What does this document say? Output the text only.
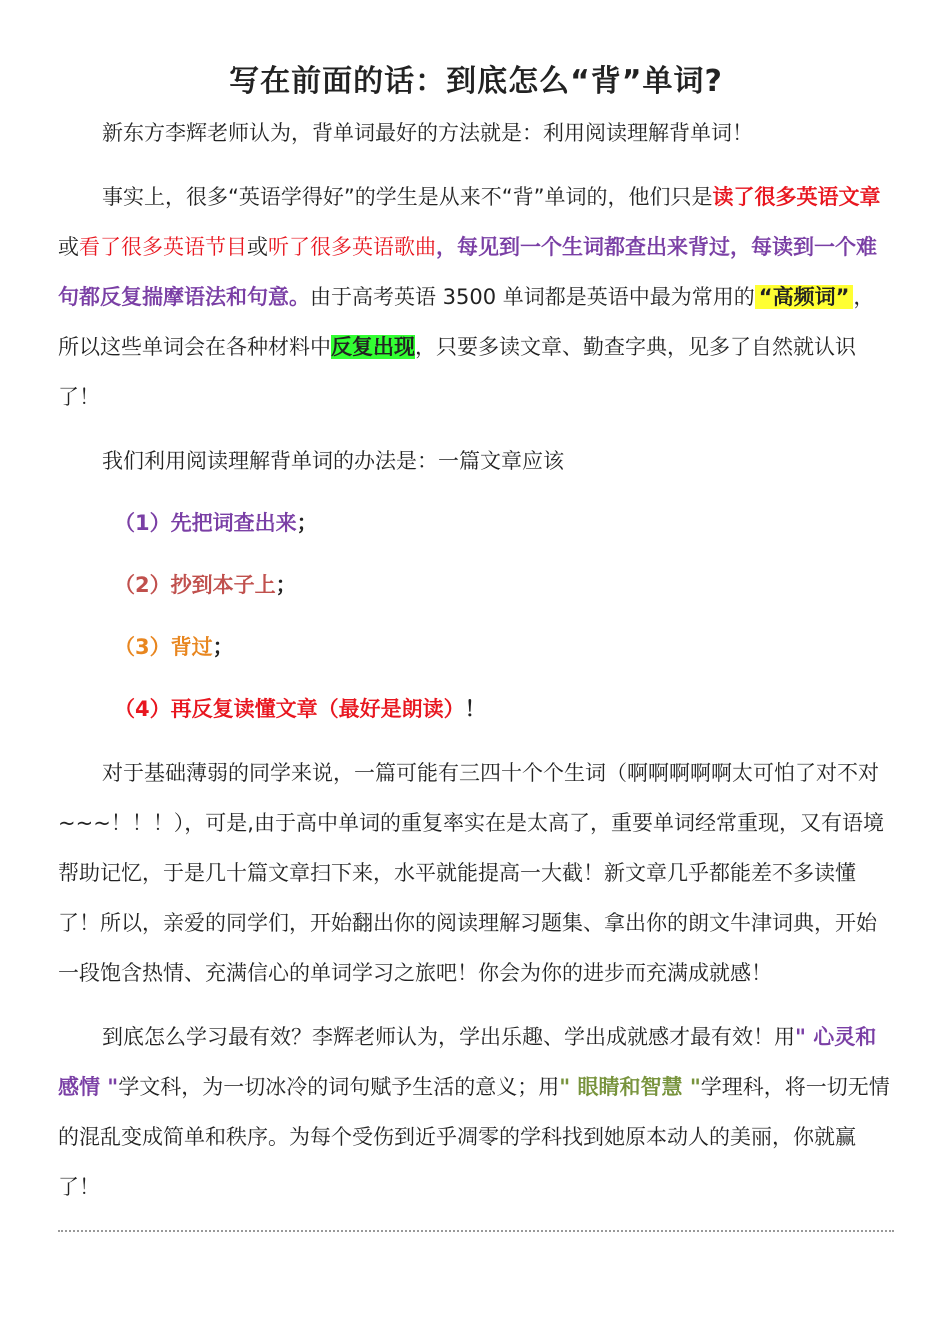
写在前面的话：到底怎么“背”单词?

新东方李辉老师认为，背单词最好的方法就是：利用阅读理解背单词！

事实上，很多“英语学得好”的学生是从来不“背”单词的，他们只是读了很多英语文章或看了很多英语节目或听了很多英语歌曲，每见到一个生词都查出来背过，每读到一个难句都反复揣摩语法和句意。由于高考英语 3500 单词都是英语中最为常用的 “高频词” ，所以这些单词会在各种材料中反复出现，只要多读文章、勤查字典，见多了自然就认识了！

我们利用阅读理解背单词的办法是：一篇文章应该

（1）先把词查出来；
（2）抄到本子上；
（3）背过；
（4）再反复读懂文章（最好是朗读）！

对于基础薄弱的同学来说，一篇可能有三四十个个生词（啊啊啊啊啊太可怕了对不对~~~！！！），可是,由于高中单词的重复率实在是太高了，重要单词经常重现，又有语境帮助记忆，于是几十篇文章扫下来，水平就能提高一大截！新文章几乎都能差不多读懂了！所以，亲爱的同学们，开始翻出你的阅读理解习题集、拿出你的朗文牛津词典，开始一段饱含热情、充满信心的单词学习之旅吧！你会为你的进步而充满成就感！

到底怎么学习最有效？李辉老师认为，学出乐趣、学出成就感才最有效！用" 心灵和感情 "学文科，为一切冰冷的词句赋予生活的意义；用" 眼睛和智慧 "学理科，将一切无情的混乱变成简单和秩序。为每个受伤到近乎凋零的学科找到她原本动人的美丽，你就赢了！
